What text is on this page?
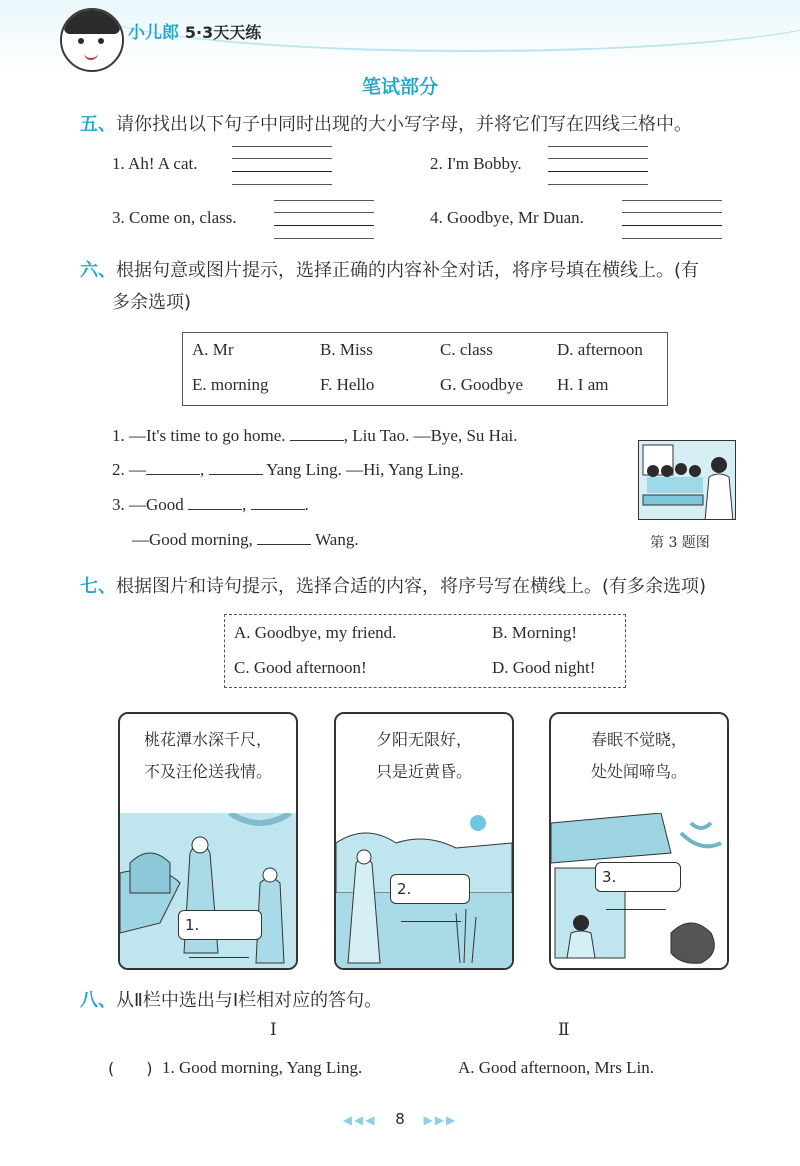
小儿郎 5·3天天练
笔试部分
五、请你找出以下句子中同时出现的大小写字母，并将它们写在四线三格中。
1. Ah! A cat.	2. I'm Bobby.
3. Come on, class.	4. Goodbye, Mr Duan.
六、根据句意或图片提示，选择正确的内容补全对话，将序号填在横线上。(有
多余选项)
A. Mr	B. Miss	C. class	D. afternoon
E. morning	F. Hello	G. Goodbye H. I am
1. —It's time to go home.	, Liu Tao. —Bye, Su Hai.
2. —	,	Yang Ling. —Hi, Yang Ling.
3. —Good	,	.
—Good morning,	Wang.	第 3 题图
七、根据图片和诗句提示，选择合适的内容，将序号写在横线上。(有多余选项)
A. Goodbye, my friend.	B. Morning!
C. Good afternoon!	D. Good night!
桃花潭水深千尺，
不及汪伦送我情。
1.
夕阳无限好，
只是近黄昏。
2.
春眠不觉晓，
处处闻啼鸟。
3.
八、从Ⅱ栏中选出与Ⅰ栏相对应的答句。
Ⅰ	Ⅱ
(　　) 1. Good morning, Yang Ling.	A. Good afternoon, Mrs Lin.
◀◀◀ 8 ▶▶▶
